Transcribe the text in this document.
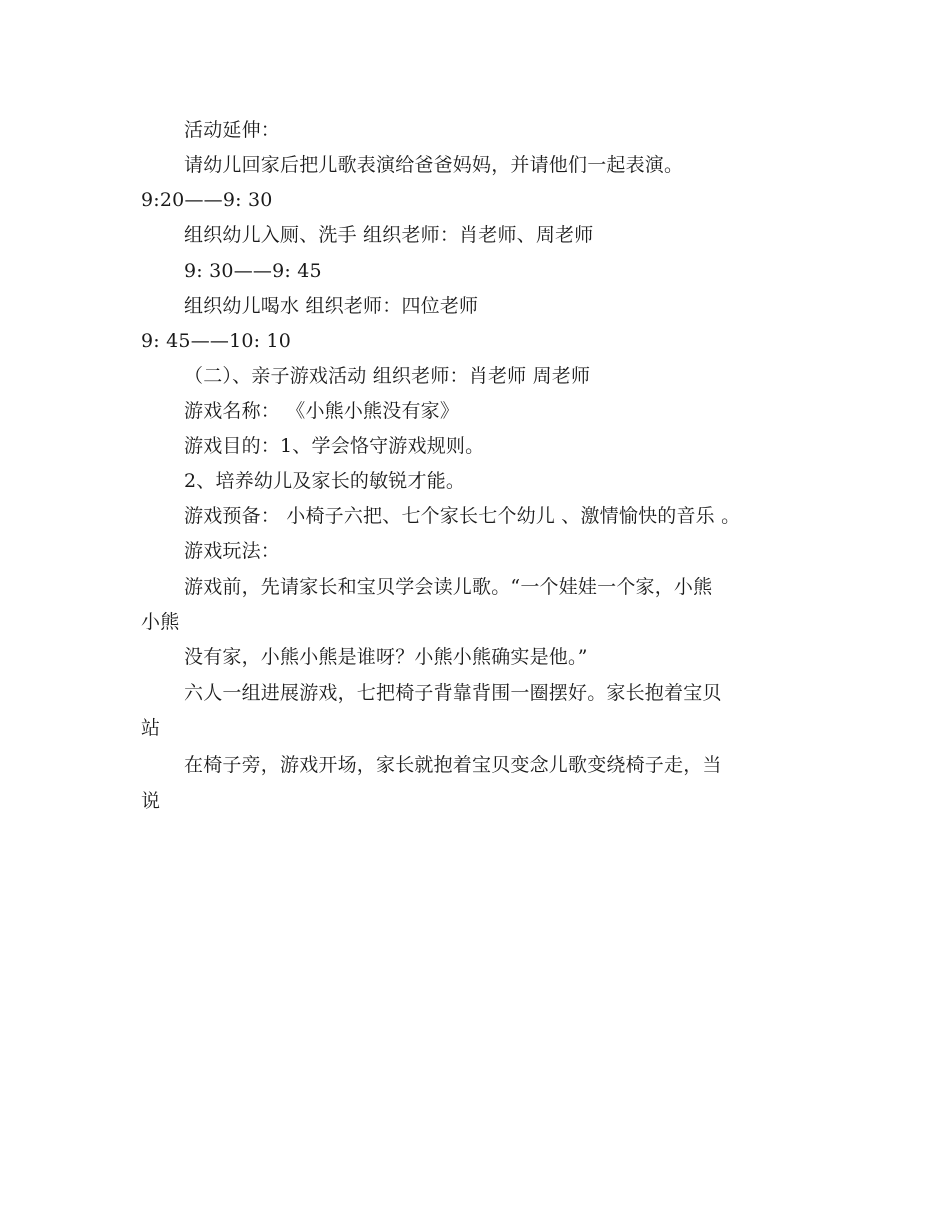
活动延伸：
请幼儿回家后把儿歌表演给爸爸妈妈，并请他们一起表演。
9:20——9: 30
组织幼儿入厕、洗手 组织老师：肖老师、周老师
9: 30——9: 45
组织幼儿喝水 组织老师：四位老师
9: 45——10: 10
（二）、亲子游戏活动 组织老师：肖老师 周老师
游戏名称： 《小熊小熊没有家》
游戏目的：1、学会恪守游戏规则。
2、培养幼儿及家长的敏锐才能。
游戏预备： 小椅子六把、七个家长七个幼儿 、激情愉快的音乐 。
游戏玩法：
游戏前，先请家长和宝贝学会读儿歌。“一个娃娃一个家，小熊
小熊
没有家，小熊小熊是谁呀？小熊小熊确实是他。”
六人一组进展游戏，七把椅子背靠背围一圈摆好。家长抱着宝贝
站
在椅子旁，游戏开场，家长就抱着宝贝变念儿歌变绕椅子走，当
说
